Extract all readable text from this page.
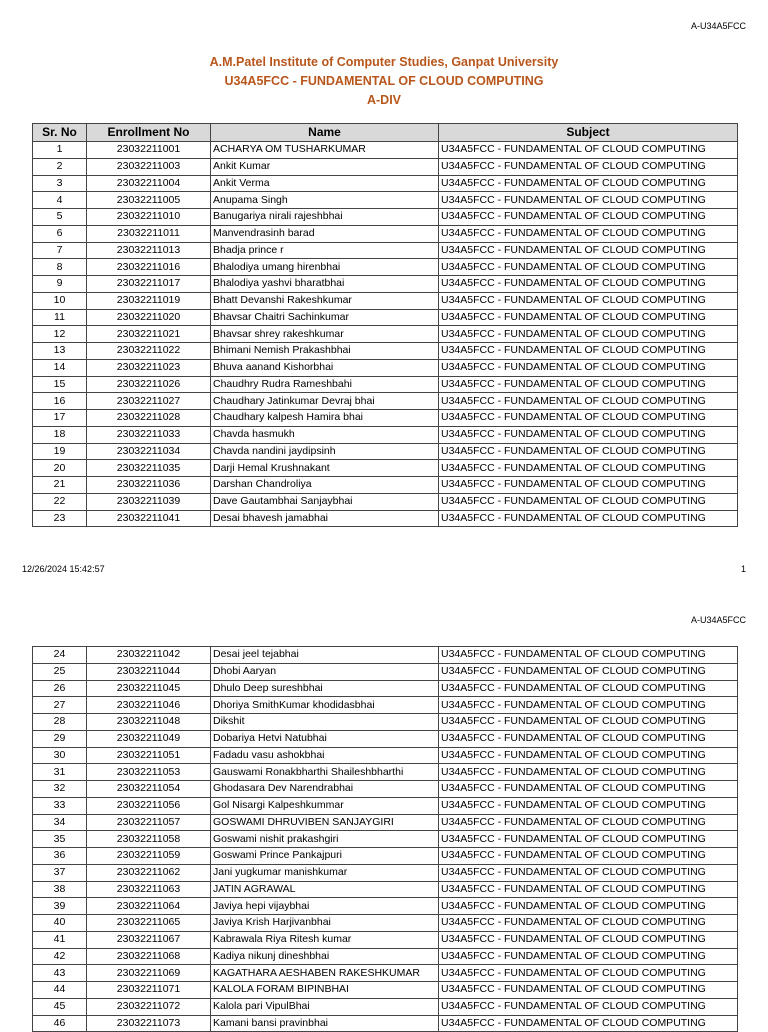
A-U34A5FCC
A.M.Patel Institute of Computer Studies, Ganpat University
U34A5FCC - FUNDAMENTAL OF CLOUD COMPUTING
A-DIV
Sr. No	Enrollment No	Name	Subject
1	23032211001	ACHARYA OM TUSHARKUMAR	U34A5FCC - FUNDAMENTAL OF CLOUD COMPUTING
2	23032211003	Ankit Kumar	U34A5FCC - FUNDAMENTAL OF CLOUD COMPUTING
3	23032211004	Ankit Verma	U34A5FCC - FUNDAMENTAL OF CLOUD COMPUTING
4	23032211005	Anupama Singh	U34A5FCC - FUNDAMENTAL OF CLOUD COMPUTING
5	23032211010	Banugariya nirali rajeshbhai	U34A5FCC - FUNDAMENTAL OF CLOUD COMPUTING
6	23032211011	Manvendrasinh barad	U34A5FCC - FUNDAMENTAL OF CLOUD COMPUTING
7	23032211013	Bhadja prince r	U34A5FCC - FUNDAMENTAL OF CLOUD COMPUTING
8	23032211016	Bhalodiya umang hirenbhai	U34A5FCC - FUNDAMENTAL OF CLOUD COMPUTING
9	23032211017	Bhalodiya yashvi bharatbhai	U34A5FCC - FUNDAMENTAL OF CLOUD COMPUTING
10	23032211019	Bhatt Devanshi Rakeshkumar	U34A5FCC - FUNDAMENTAL OF CLOUD COMPUTING
11	23032211020	Bhavsar Chaitri Sachinkumar	U34A5FCC - FUNDAMENTAL OF CLOUD COMPUTING
12	23032211021	Bhavsar shrey rakeshkumar	U34A5FCC - FUNDAMENTAL OF CLOUD COMPUTING
13	23032211022	Bhimani Nemish Prakashbhai	U34A5FCC - FUNDAMENTAL OF CLOUD COMPUTING
14	23032211023	Bhuva aanand Kishorbhai	U34A5FCC - FUNDAMENTAL OF CLOUD COMPUTING
15	23032211026	Chaudhry Rudra Rameshbahi	U34A5FCC - FUNDAMENTAL OF CLOUD COMPUTING
16	23032211027	Chaudhary Jatinkumar Devraj bhai	U34A5FCC - FUNDAMENTAL OF CLOUD COMPUTING
17	23032211028	Chaudhary kalpesh Hamira bhai	U34A5FCC - FUNDAMENTAL OF CLOUD COMPUTING
18	23032211033	Chavda hasmukh	U34A5FCC - FUNDAMENTAL OF CLOUD COMPUTING
19	23032211034	Chavda nandini jaydipsinh	U34A5FCC - FUNDAMENTAL OF CLOUD COMPUTING
20	23032211035	Darji Hemal Krushnakant	U34A5FCC - FUNDAMENTAL OF CLOUD COMPUTING
21	23032211036	Darshan Chandroliya	U34A5FCC - FUNDAMENTAL OF CLOUD COMPUTING
22	23032211039	Dave Gautambhai Sanjaybhai	U34A5FCC - FUNDAMENTAL OF CLOUD COMPUTING
23	23032211041	Desai bhavesh jamabhai	U34A5FCC - FUNDAMENTAL OF CLOUD COMPUTING
12/26/2024 15:42:57	1
A-U34A5FCC
24	23032211042	Desai jeel tejabhai	U34A5FCC - FUNDAMENTAL OF CLOUD COMPUTING
25	23032211044	Dhobi Aaryan	U34A5FCC - FUNDAMENTAL OF CLOUD COMPUTING
26	23032211045	Dhulo Deep sureshbhai	U34A5FCC - FUNDAMENTAL OF CLOUD COMPUTING
27	23032211046	Dhoriya SmithKumar khodidasbhai	U34A5FCC - FUNDAMENTAL OF CLOUD COMPUTING
28	23032211048	Dikshit	U34A5FCC - FUNDAMENTAL OF CLOUD COMPUTING
29	23032211049	Dobariya Hetvi Natubhai	U34A5FCC - FUNDAMENTAL OF CLOUD COMPUTING
30	23032211051	Fadadu vasu ashokbhai	U34A5FCC - FUNDAMENTAL OF CLOUD COMPUTING
31	23032211053	Gauswami Ronakbharthi Shaileshbharthi	U34A5FCC - FUNDAMENTAL OF CLOUD COMPUTING
32	23032211054	Ghodasara Dev Narendrabhai	U34A5FCC - FUNDAMENTAL OF CLOUD COMPUTING
33	23032211056	Gol Nisargi Kalpeshkummar	U34A5FCC - FUNDAMENTAL OF CLOUD COMPUTING
34	23032211057	GOSWAMI DHRUVIBEN SANJAYGIRI	U34A5FCC - FUNDAMENTAL OF CLOUD COMPUTING
35	23032211058	Goswami nishit prakashgiri	U34A5FCC - FUNDAMENTAL OF CLOUD COMPUTING
36	23032211059	Goswami Prince Pankajpuri	U34A5FCC - FUNDAMENTAL OF CLOUD COMPUTING
37	23032211062	Jani yugkumar manishkumar	U34A5FCC - FUNDAMENTAL OF CLOUD COMPUTING
38	23032211063	JATIN AGRAWAL	U34A5FCC - FUNDAMENTAL OF CLOUD COMPUTING
39	23032211064	Javiya hepi vijaybhai	U34A5FCC - FUNDAMENTAL OF CLOUD COMPUTING
40	23032211065	Javiya Krish Harjivanbhai	U34A5FCC - FUNDAMENTAL OF CLOUD COMPUTING
41	23032211067	Kabrawala Riya Ritesh kumar	U34A5FCC - FUNDAMENTAL OF CLOUD COMPUTING
42	23032211068	Kadiya nikunj dineshbhai	U34A5FCC - FUNDAMENTAL OF CLOUD COMPUTING
43	23032211069	KAGATHARA AESHABEN RAKESHKUMAR	U34A5FCC - FUNDAMENTAL OF CLOUD COMPUTING
44	23032211071	KALOLA FORAM BIPINBHAI	U34A5FCC - FUNDAMENTAL OF CLOUD COMPUTING
45	23032211072	Kalola pari VipulBhai	U34A5FCC - FUNDAMENTAL OF CLOUD COMPUTING
46	23032211073	Kamani bansi pravinbhai	U34A5FCC - FUNDAMENTAL OF CLOUD COMPUTING
